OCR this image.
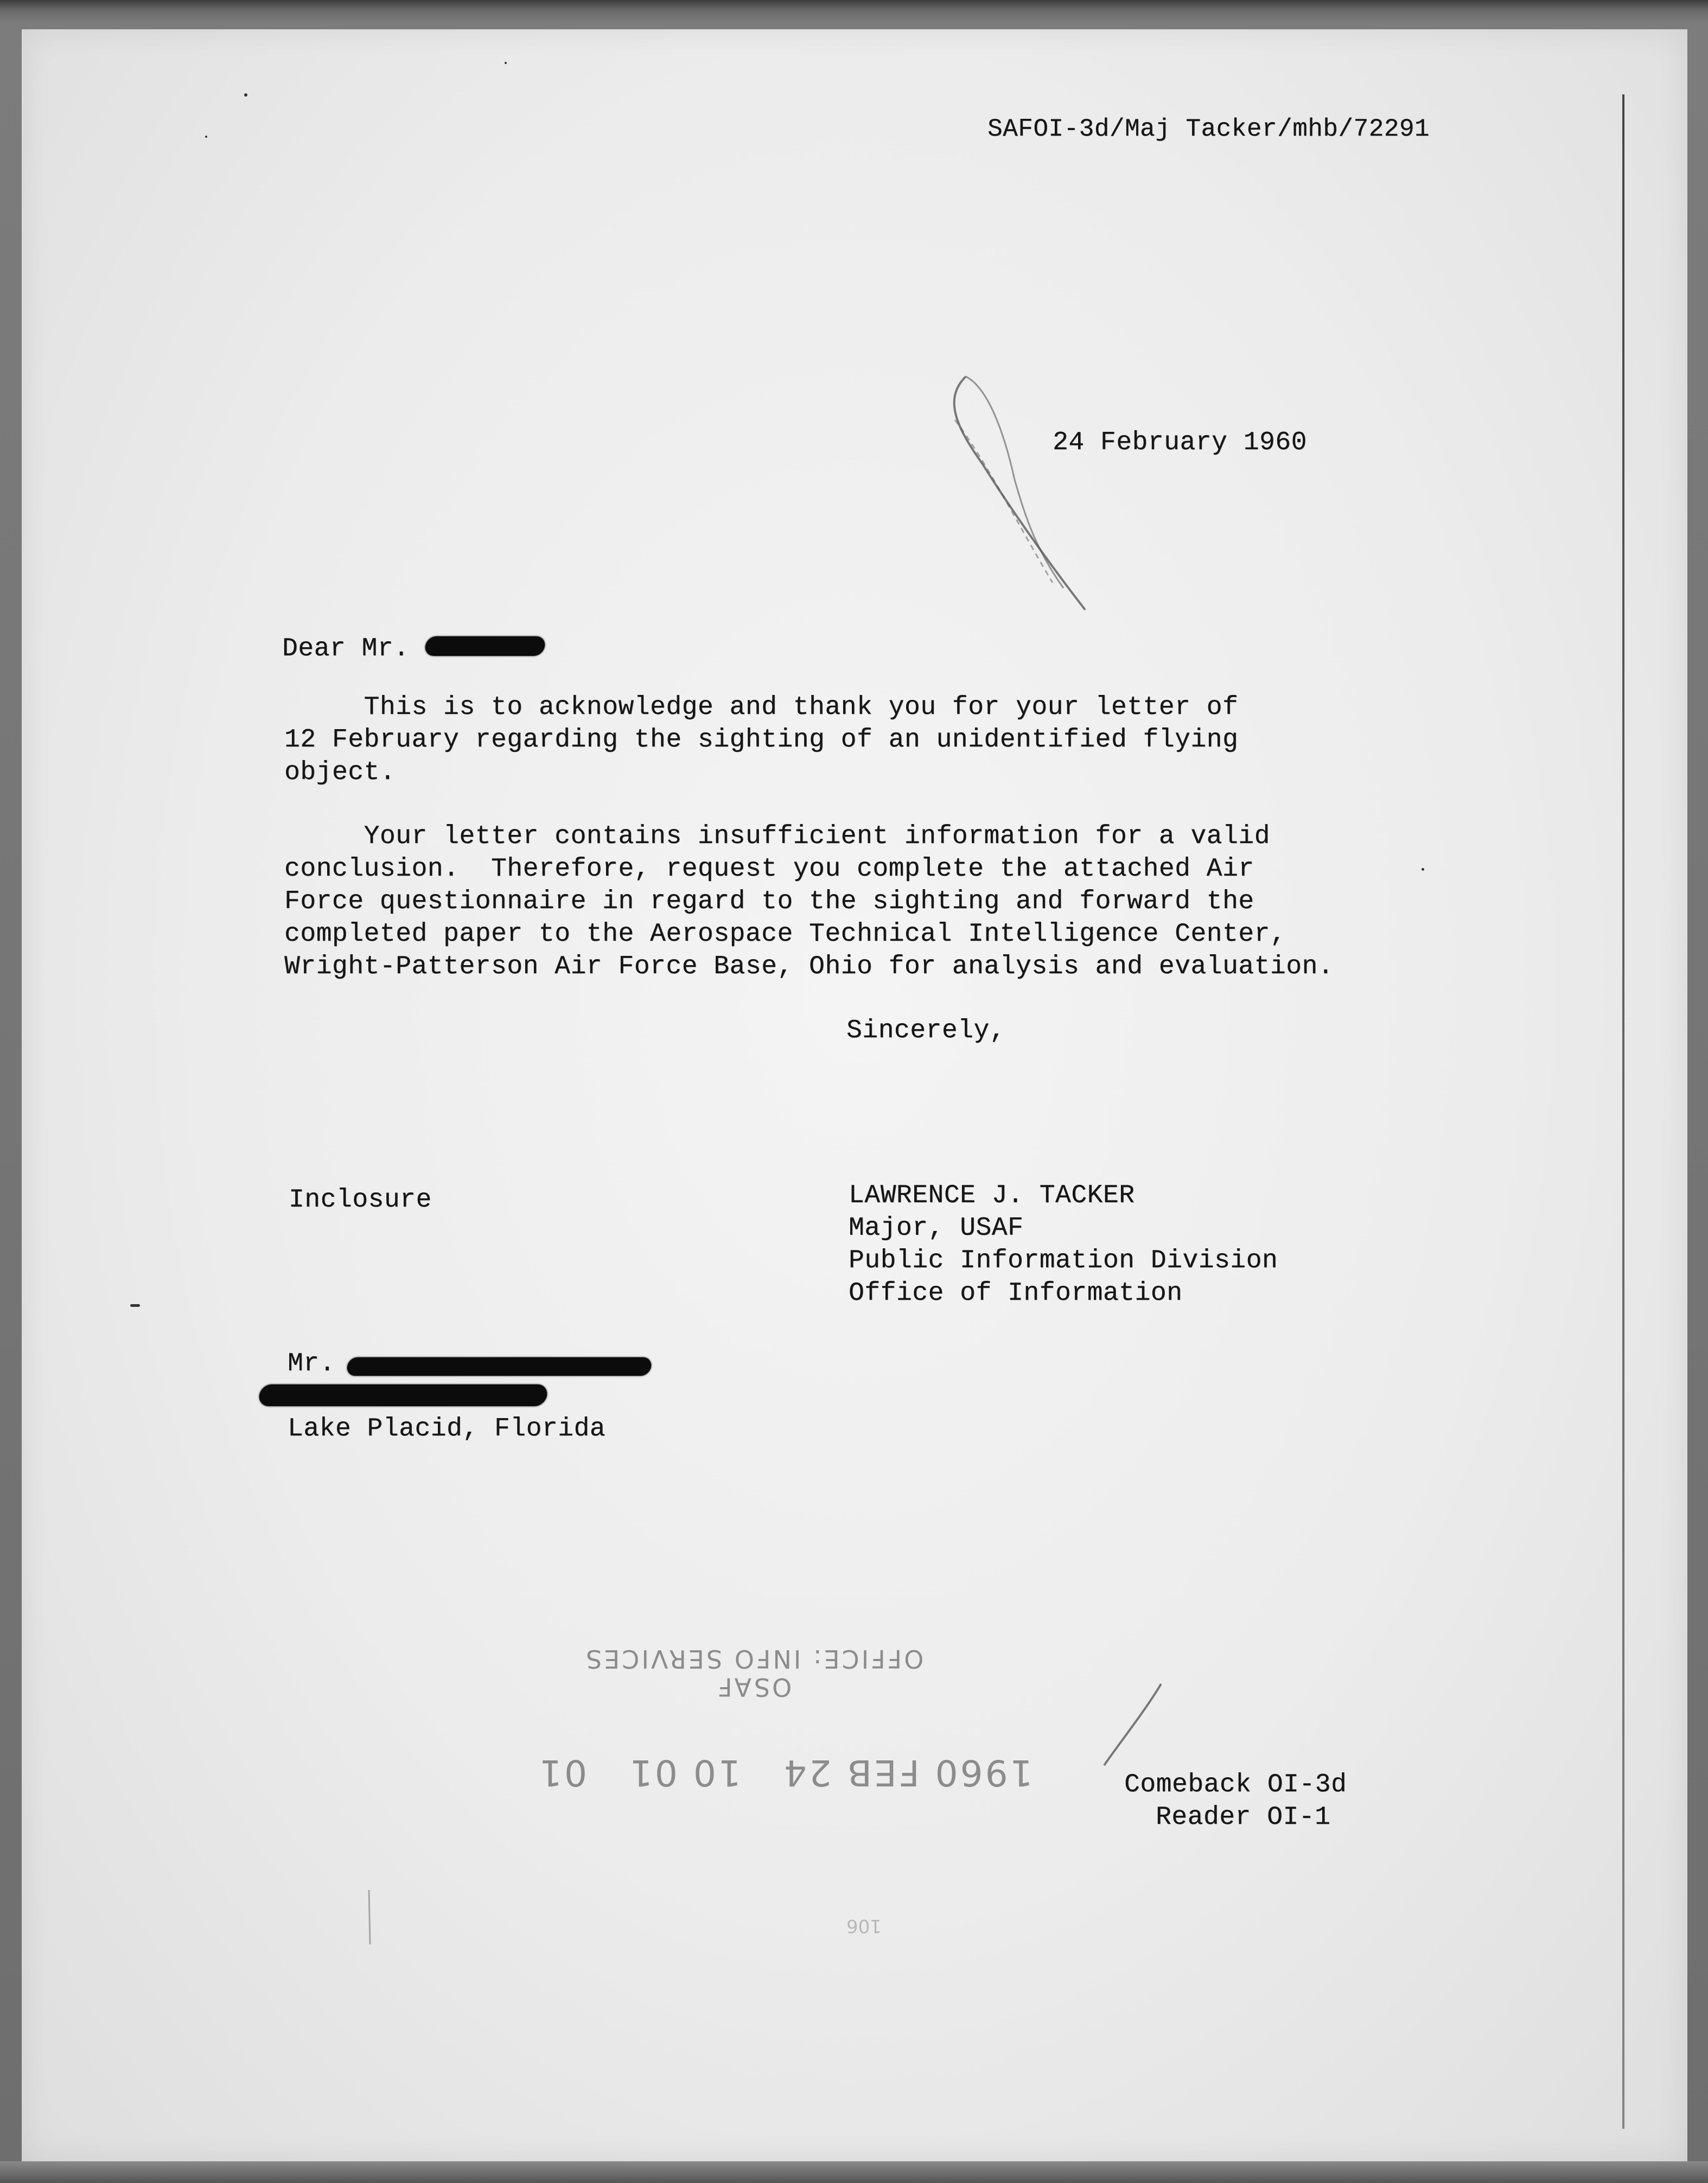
SAFOI-3d/Maj Tacker/mhb/72291
24 February 1960
Dear Mr.
This is to acknowledge and thank you for your letter of
12 February regarding the sighting of an unidentified flying
object.
Your letter contains insufficient information for a valid
conclusion.  Therefore, request you complete the attached Air
Force questionnaire in regard to the sighting and forward the
completed paper to the Aerospace Technical Intelligence Center,
Wright-Patterson Air Force Base, Ohio for analysis and evaluation.
Sincerely,
Inclosure	LAWRENCE J. TACKER
Major, USAF
Public Information Division
Office of Information
Mr.
Lake Placid, Florida
OSAF
OFFICE: INFO SERVICES
1960 FEB 24   10 01   01
106
Comeback OI-3d
Reader OI-1
